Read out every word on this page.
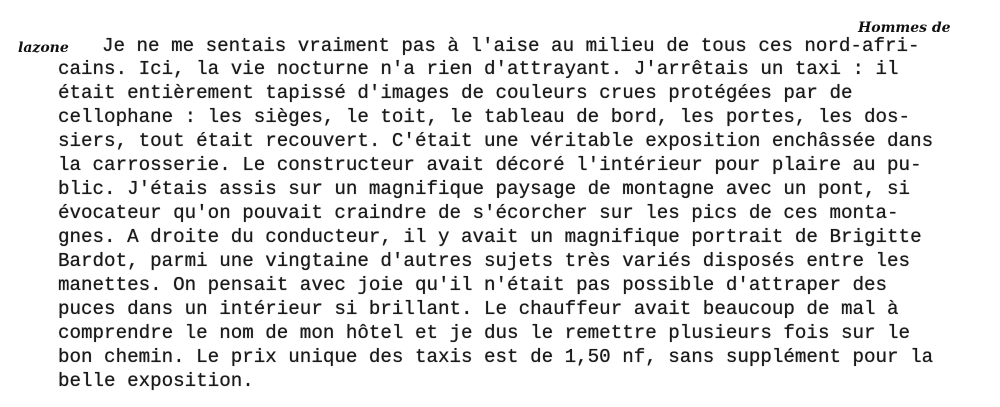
lazone
Hommes de
Je ne me sentais vraiment pas à l'aise au milieu de tous ces nord-afri-
cains. Ici, la vie nocturne n'a rien d'attrayant. J'arrêtais un taxi : il
était entièrement tapissé d'images de couleurs crues protégées par de
cellophane : les sièges, le toit, le tableau de bord, les portes, les dos-
siers, tout était recouvert. C'était une véritable exposition enchâssée dans
la carrosserie. Le constructeur avait décoré l'intérieur pour plaire au pu-
blic. J'étais assis sur un magnifique paysage de montagne avec un pont, si
évocateur qu'on pouvait craindre de s'écorcher sur les pics de ces monta-
gnes. A droite du conducteur, il y avait un magnifique portrait de Brigitte
Bardot, parmi une vingtaine d'autres sujets très variés disposés entre les
manettes. On pensait avec joie qu'il n'était pas possible d'attraper des
puces dans un intérieur si brillant. Le chauffeur avait beaucoup de mal à
comprendre le nom de mon hôtel et je dus le remettre plusieurs fois sur le
bon chemin. Le prix unique des taxis est de 1,50 nf, sans supplément pour la
belle exposition.
